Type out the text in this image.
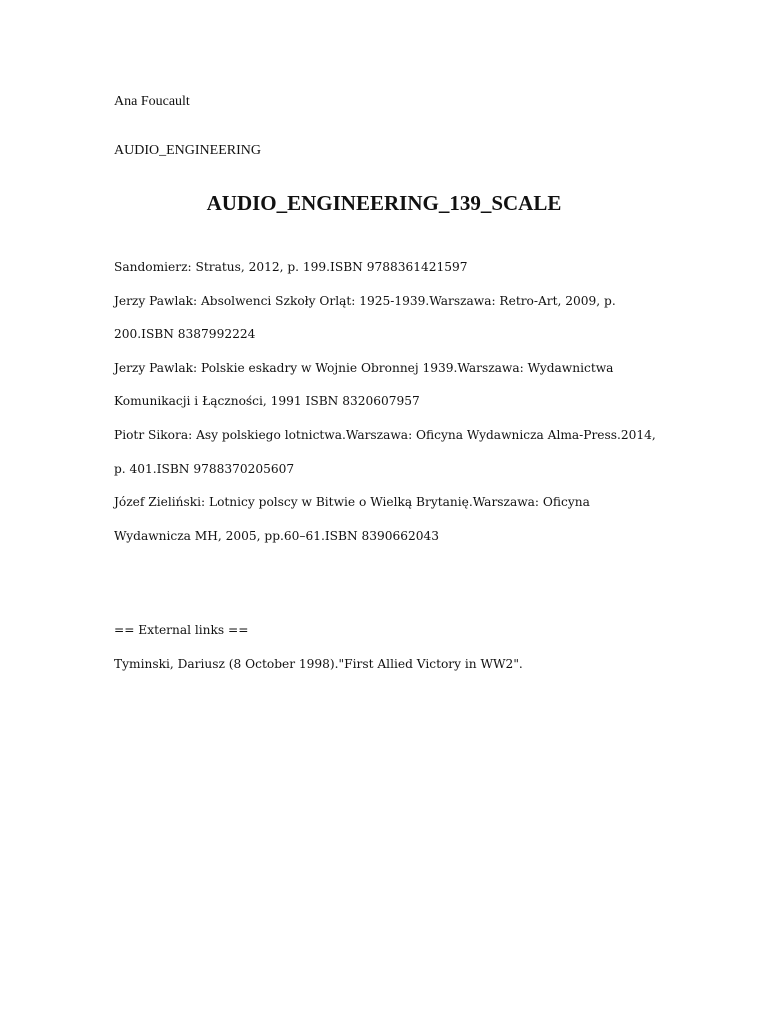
Ana Foucault
AUDIO_ENGINEERING
AUDIO_ENGINEERING_139_SCALE

Sandomierz: Stratus, 2012, p. 199.ISBN 9788361421597

Jerzy Pawlak: Absolwenci Szkoły Orląt: 1925-1939.Warszawa: Retro-Art, 2009, p. 200.ISBN 8387992224

Jerzy Pawlak: Polskie eskadry w Wojnie Obronnej 1939.Warszawa: Wydawnictwa Komunikacji i Łączności, 1991 ISBN 8320607957

Piotr Sikora: Asy polskiego lotnictwa.Warszawa: Oficyna Wydawnicza Alma-Press.2014, p. 401.ISBN 9788370205607

Józef Zieliński: Lotnicy polscy w Bitwie o Wielką Brytanię.Warszawa: Oficyna Wydawnicza MH, 2005, pp.60–61.ISBN 8390662043

== External links ==
Tyminski, Dariusz (8 October 1998)."First Allied Victory in WW2".
